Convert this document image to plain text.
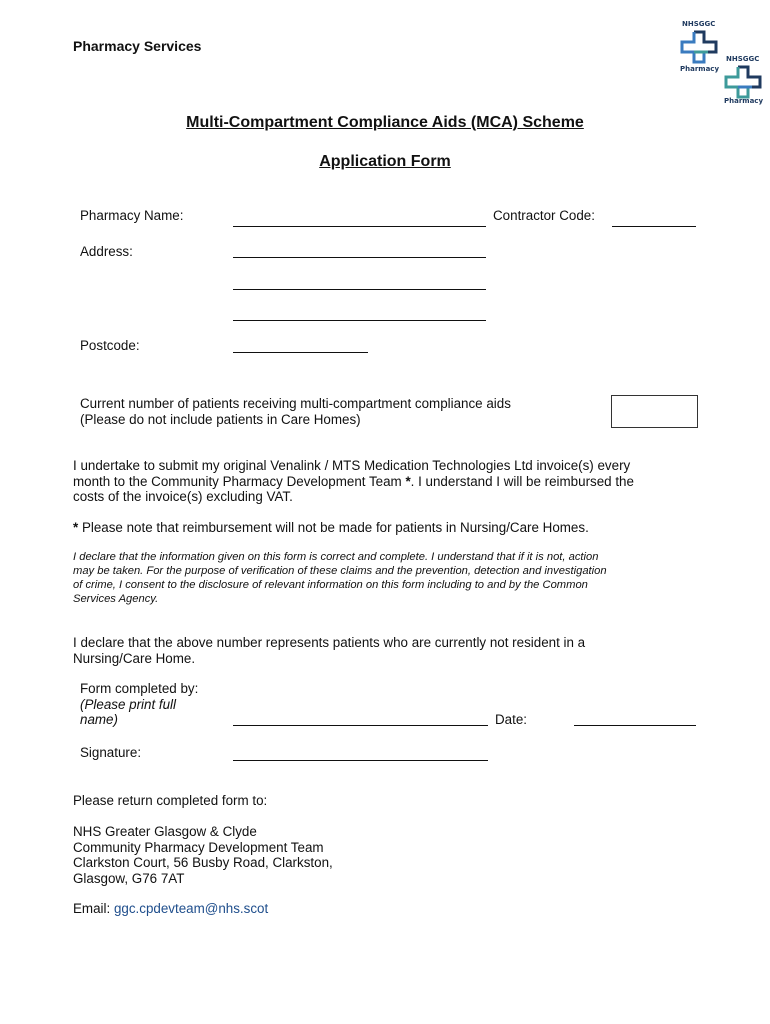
Pharmacy Services
NHSGGC
Pharmacy
NHSGGC
Pharmacy
Multi-Compartment Compliance Aids (MCA) Scheme
Application Form
Pharmacy Name:	Contractor Code:
Address:
Postcode:
Current number of patients receiving multi-compartment compliance aids
(Please do not include patients in Care Homes)
I undertake to submit my original Venalink / MTS Medication Technologies Ltd invoice(s) every
month to the Community Pharmacy Development Team *. I understand I will be reimbursed the
costs of the invoice(s) excluding VAT.
* Please note that reimbursement will not be made for patients in Nursing/Care Homes.
I declare that the information given on this form is correct and complete. I understand that if it is not, action
may be taken. For the purpose of verification of these claims and the prevention, detection and investigation
of crime, I consent to the disclosure of relevant information on this form including to and by the Common
Services Agency.
I declare that the above number represents patients who are currently not resident in a
Nursing/Care Home.
Form completed by:
(Please print full
name)	Date:
Signature:
Please return completed form to:
NHS Greater Glasgow & Clyde
Community Pharmacy Development Team
Clarkston Court, 56 Busby Road, Clarkston,
Glasgow, G76 7AT
Email: ggc.cpdevteam@nhs.scot
